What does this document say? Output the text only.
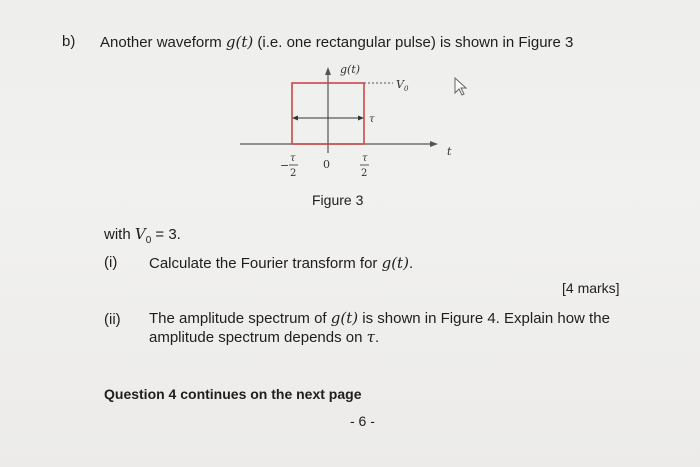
b) Another waveform g(t) (i.e. one rectangular pulse) is shown in Figure 3
g(t)
t
$V_0$
τ
−
τ
2
0	τ
2
Figure 3
with $V_0 = 3$.
(i) Calculate the Fourier transform for g(t).
[4 marks]
(ii) The amplitude spectrum of g(t) is shown in Figure 4. Explain how the
amplitude spectrum depends on τ.
Question 4 continues on the next page
- 6 -
